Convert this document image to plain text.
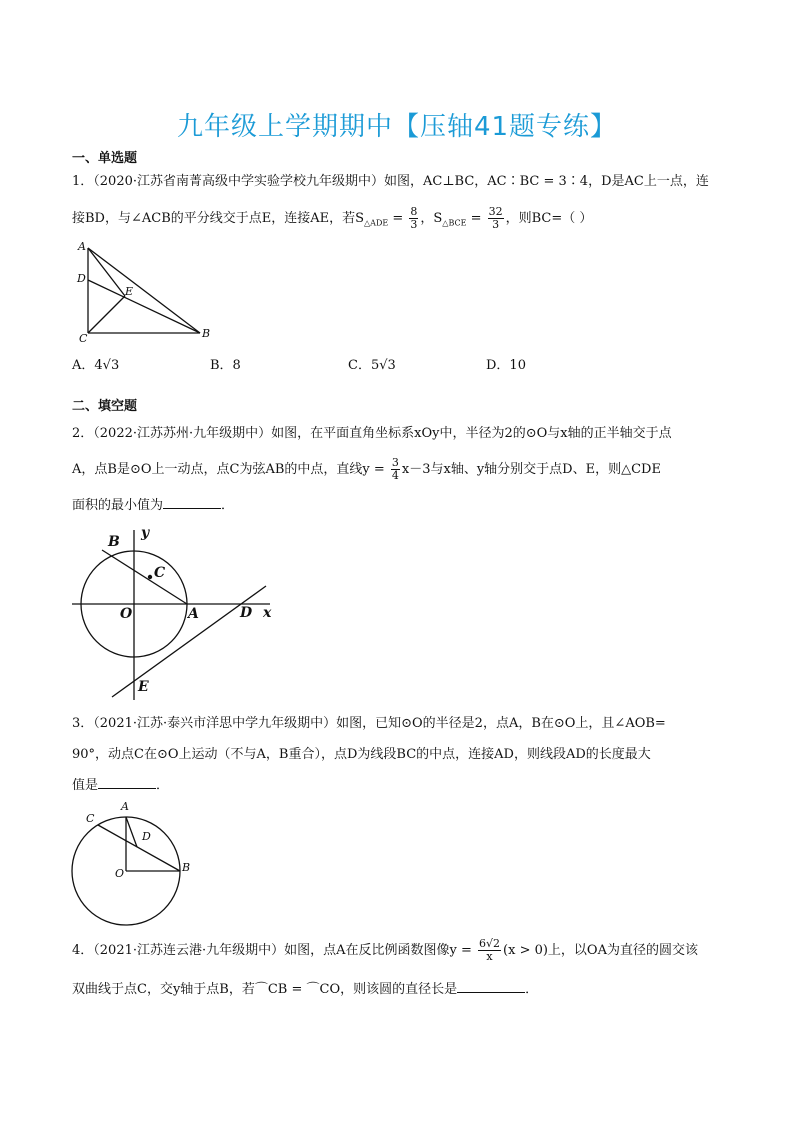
九年级上学期期中【压轴41题专练】
一、单选题
1．（2020·江苏省南菁高级中学实验学校九年级期中）如图，AC⊥BC，AC∶BC = 3∶4，D是AC上一点，连
接BD，与∠ACB的平分线交于点E，连接AE，若$S_{\triangle ADE} = \frac{8}{3}$ ，$S_{\triangle BCE} = \frac{32}{3}$ ，则BC=（ ）
A
D
E
C	B
A．4√3	B．8	C．5√3	D．10
二、填空题
2．（2022·江苏苏州·九年级期中）如图，在平面直角坐标系xOy中，半径为2的⊙O与x轴的正半轴交于点
A，点B是⊙O上一动点，点C为弦AB的中点，直线$y = \frac{3}{4} x-3$与x轴、y轴分别交于点D、E，则△CDE
面积的最小值为	．
B
y
C
O	A	D x
E
3．（2021·江苏·泰兴市洋思中学九年级期中）如图，已知⊙O的半径是2，点A，B在⊙O上，且∠AOB=
90°，动点C在⊙O上运动（不与A，B重合），点D为线段BC的中点，连接AD，则线段AD的长度最大
值是	．
A
C
D
O	B
4．（2021·江苏连云港·九年级期中）如图，点A在反比例函数图像$y = \frac{6√2}{x} (x > 0)$上，以OA为直径的圆交该
双曲线于点C，交y轴于点B，若⌒CB = ⌒CO，则该圆的直径长是	．
